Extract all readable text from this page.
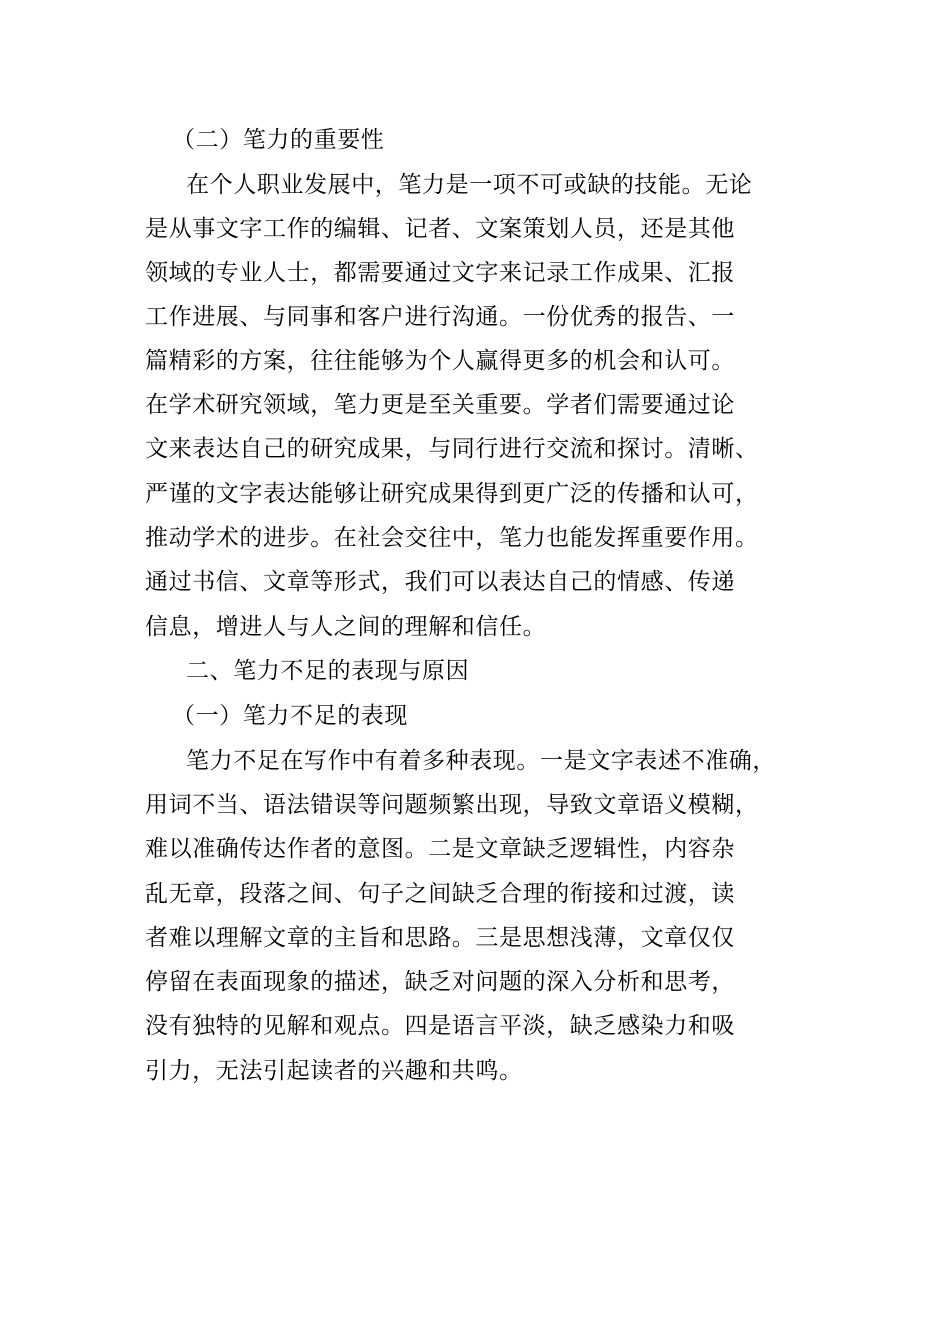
（二）笔力的重要性
在个人职业发展中，笔力是一项不可或缺的技能。无论
是从事文字工作的编辑、记者、文案策划人员，还是其他
领域的专业人士，都需要通过文字来记录工作成果、汇报
工作进展、与同事和客户进行沟通。一份优秀的报告、一
篇精彩的方案，往往能够为个人赢得更多的机会和认可。
在学术研究领域，笔力更是至关重要。学者们需要通过论
文来表达自己的研究成果，与同行进行交流和探讨。清晰、
严谨的文字表达能够让研究成果得到更广泛的传播和认可，
推动学术的进步。在社会交往中，笔力也能发挥重要作用。
通过书信、文章等形式，我们可以表达自己的情感、传递
信息，增进人与人之间的理解和信任。
二、笔力不足的表现与原因
（一）笔力不足的表现
笔力不足在写作中有着多种表现。一是文字表述不准确，
用词不当、语法错误等问题频繁出现，导致文章语义模糊，
难以准确传达作者的意图。二是文章缺乏逻辑性，内容杂
乱无章，段落之间、句子之间缺乏合理的衔接和过渡，读
者难以理解文章的主旨和思路。三是思想浅薄，文章仅仅
停留在表面现象的描述，缺乏对问题的深入分析和思考，
没有独特的见解和观点。四是语言平淡，缺乏感染力和吸
引力，无法引起读者的兴趣和共鸣。
